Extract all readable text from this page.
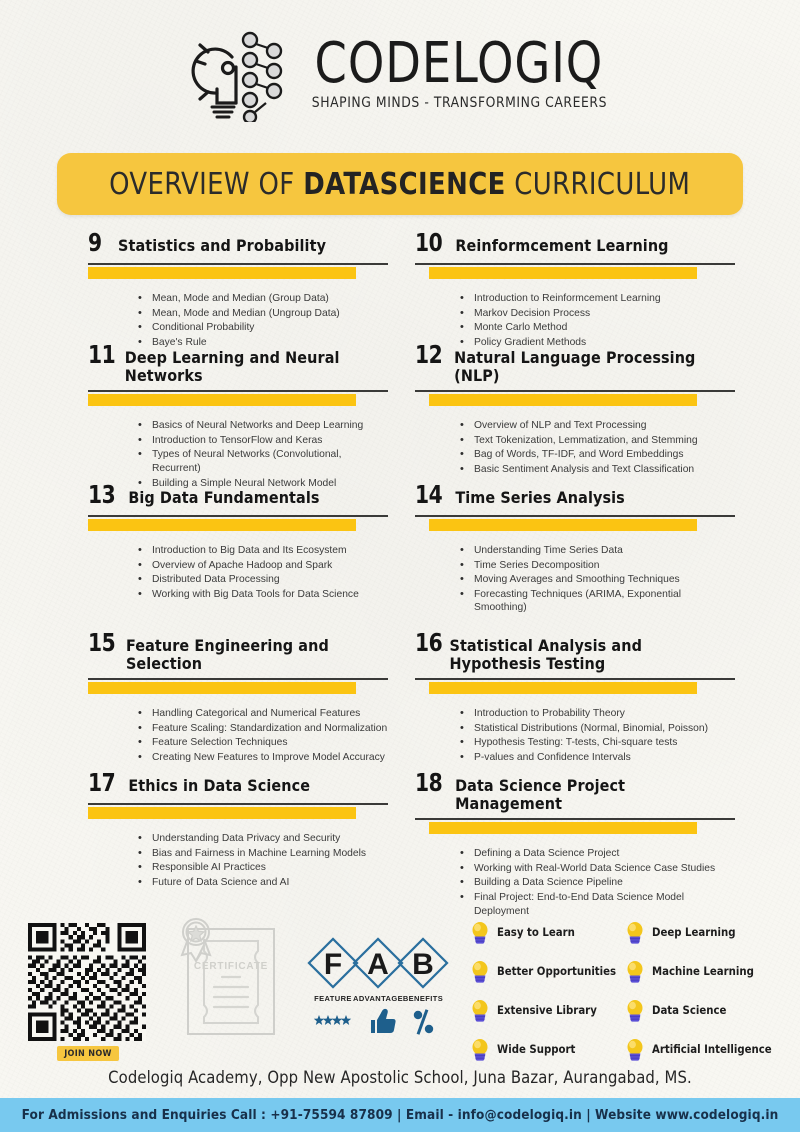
CODELOGIQ
SHAPING MINDS - TRANSFORMING CAREERS
OVERVIEW OF DATASCIENCE CURRICULUM
9 Statistics and Probability
• Mean, Mode and Median (Group Data)
• Mean, Mode and Median (Ungroup Data)
• Conditional Probability
• Baye's Rule
11 Deep Learning and Neural Networks
• Basics of Neural Networks and Deep Learning
• Introduction to TensorFlow and Keras
• Types of Neural Networks (Convolutional, Recurrent)
• Building a Simple Neural Network Model
13 Big Data Fundamentals
• Introduction to Big Data and Its Ecosystem
• Overview of Apache Hadoop and Spark
• Distributed Data Processing
• Working with Big Data Tools for Data Science
15 Feature Engineering and Selection
• Handling Categorical and Numerical Features
• Feature Scaling: Standardization and Normalization
• Feature Selection Techniques
• Creating New Features to Improve Model Accuracy
17 Ethics in Data Science
• Understanding Data Privacy and Security
• Bias and Fairness in Machine Learning Models
• Responsible AI Practices
• Future of Data Science and AI
10 Reinformcement Learning
• Introduction to Reinformcement Learning
• Markov Decision Process
• Monte Carlo Method
• Policy Gradient Methods
12 Natural Language Processing (NLP)
• Overview of NLP and Text Processing
• Text Tokenization, Lemmatization, and Stemming
• Bag of Words, TF-IDF, and Word Embeddings
• Basic Sentiment Analysis and Text Classification
14 Time Series Analysis
• Understanding Time Series Data
• Time Series Decomposition
• Moving Averages and Smoothing Techniques
• Forecasting Techniques (ARIMA, Exponential Smoothing)
16 Statistical Analysis and Hypothesis Testing
• Introduction to Probability Theory
• Statistical Distributions (Normal, Binomial, Poisson)
• Hypothesis Testing: T-tests, Chi-square tests
• P-values and Confidence Intervals
18 Data Science Project Management
• Defining a Data Science Project
• Working with Real-World Data Science Case Studies
• Building a Data Science Pipeline
• Final Project: End-to-End Data Science Model Deployment
JOIN NOW
CERTIFICATE F A B
FEATURE ADVANTAGE BENEFITS
Easy to Learn
Better Opportunities
Extensive Library
Wide Support
Deep Learning
Machine Learning
Data Science
Artificial Intelligence
Codelogiq Academy, Opp New Apostolic School, Juna Bazar, Aurangabad, MS.
For Admissions and Enquiries Call : +91-75594 87809 | Email - info@codelogiq.in | Website www.codelogiq.in
